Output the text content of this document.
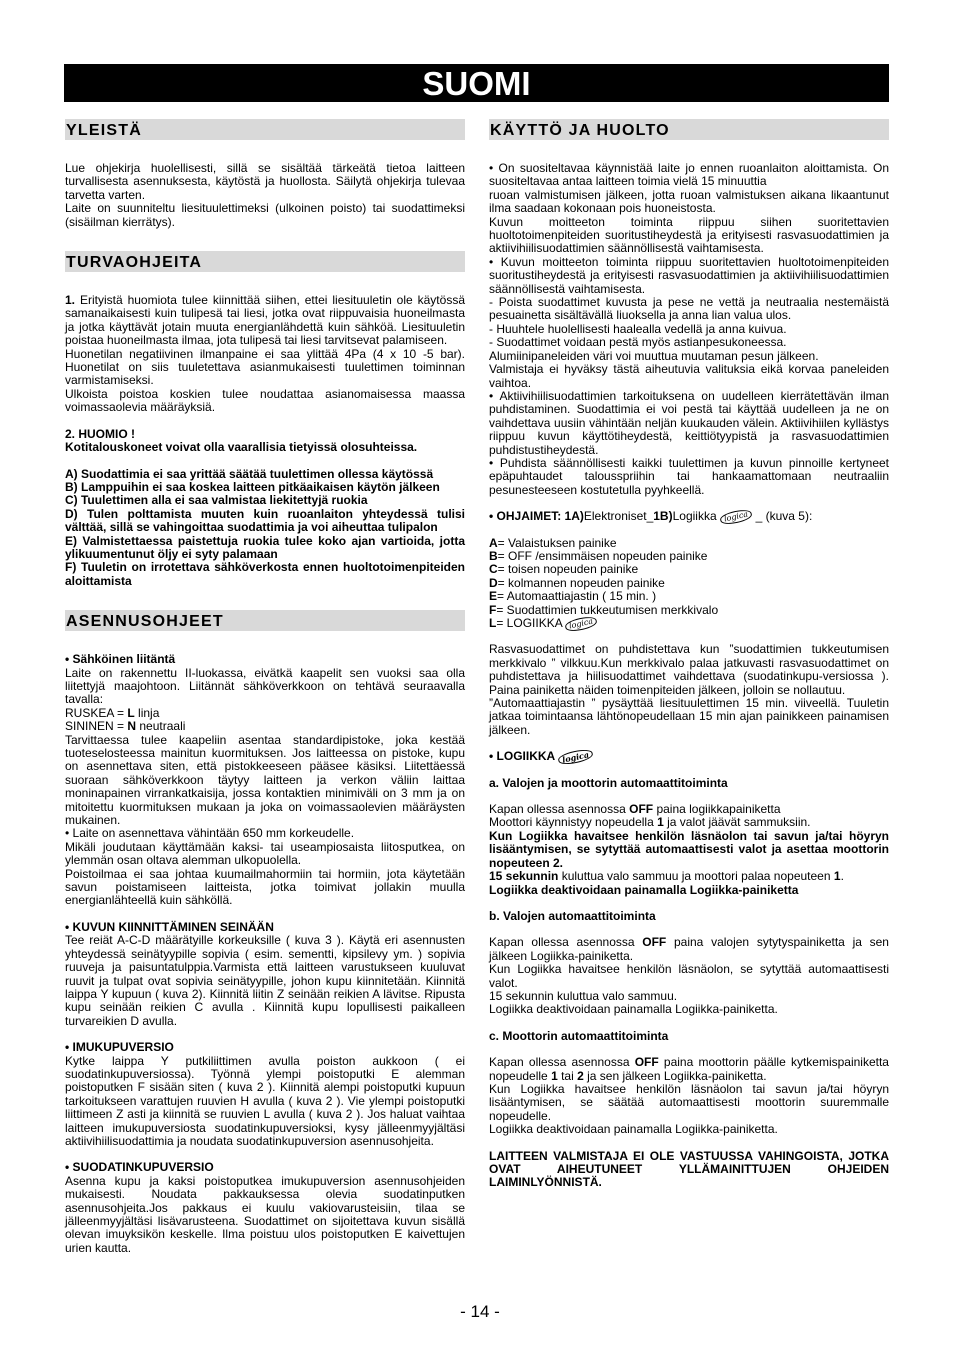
SUOMI
YLEISTÄ

Lue ohjekirja huolellisesti, sillä se sisältää tärkeätä tietoa laitteen turvallisesta asennuksesta, käytöstä ja huollosta. Säilytä ohjekirja tulevaa tarvetta varten.

Laite on suunniteltu liesituulettimeksi (ulkoinen poisto) tai suodattimeksi (sisäilman kierrätys).

TURVAOHJEITA

1. Erityistä huomiota tulee kiinnittää siihen, ettei liesituuletin ole käytössä samanaikaisesti kuin tulipesä tai liesi, jotka ovat riippuvaisia huoneilmasta ja jotka käyttävät jotain muuta energianlähdettä kuin sähköä. Liesituuletin poistaa huoneilmasta ilmaa, jota tulipesä tai liesi tarvitsevat palamiseen.

Huonetilan negatiivinen ilmanpaine ei saa ylittää 4Pa (4 x 10 -5 bar). Huonetilat on siis tuuletettava asianmukaisesti tuulettimen toiminnan varmistamiseksi.

Ulkoista poistoa koskien tulee noudattaa asianomaisessa maassa voimassaolevia määräyksiä.

2. HUOMIO !

Kotitalouskoneet voivat olla vaarallisia tietyissä olosuhteissa.

A) Suodattimia ei saa yrittää säätää tuulettimen ollessa käytössä

B) Lamppuihin ei saa koskea laitteen pitkäaikaisen käytön jälkeen

C) Tuulettimen alla ei saa valmistaa liekitettyjä ruokia

D) Tulen polttamista muuten kuin ruoanlaiton yhteydessä tulisi välttää, sillä se vahingoittaa suodattimia ja voi aiheuttaa tulipalon

E) Valmistettaessa paistettuja ruokia tulee koko ajan vartioida, jotta ylikuumentunut öljy ei syty palamaan

F) Tuuletin on irrotettava sähköverkosta ennen huoltotoimenpiteiden aloittamista

ASENNUSOHJEET

• Sähköinen liitäntä

Laite on rakennettu II-luokassa, eivätkä kaapelit sen vuoksi saa olla liitettyjä maajohtoon. Liitännät sähköverkkoon on tehtävä seuraavalla tavalla:

RUSKEA = L linja

SININEN = N neutraali

Tarvittaessa tulee kaapeliin asentaa standardipistoke, joka kestää tuoteselosteessa mainitun kuormituksen. Jos laitteessa on pistoke, kupu on asennettava siten, että pistokkeeseen pääsee käsiksi. Liitettäessä suoraan sähköverkkoon täytyy laitteen ja verkon väliin laittaa moninapainen virrankatkaisija, jossa kontaktien minimiväli on 3 mm ja on mitoitettu kuormituksen mukaan ja joka on voimassaolevien määräysten mukainen.

• Laite on asennettava vähintään 650 mm korkeudelle.

Mikäli joudutaan käyttämään kaksi- tai useampiosaista liitosputkea, on ylemmän osan oltava alemman ulkopuolella.

Poistoilmaa ei saa johtaa kuumailmahormiin tai hormiin, jota käytetään savun poistamiseen laitteista, jotka toimivat jollakin muulla energianlähteellä kuin sähköllä.

• KUVUN KIINNITTÄMINEN SEINÄÄN

Tee reiät A-C-D määrätyille korkeuksille ( kuva 3 ). Käytä eri asennusten yhteydessä seinätyypille sopivia ( esim. sementti, kipsilevy ym. ) sopivia ruuveja ja paisuntatulppia.Varmista että laitteen varustukseen kuuluvat ruuvit ja tulpat ovat sopivia seinätyypille, johon kupu kiinnitetään. Kiinnitä laippa Y kupuun ( kuva 2). Kiinnitä liitin Z seinään reikien A lävitse. Ripusta kupu seinään reikien C avulla . Kiinnitä kupu lopullisesti paikalleen turvareikien D avulla.

• IMUKUPUVERSIO

Kytke laippa Y putkiliittimen avulla poiston aukkoon ( ei suodatinkupuversiossa). Työnnä ylempi poistoputki E alemman poistoputken F sisään siten ( kuva 2 ). Kiinnitä alempi poistoputki kupuun tarkoitukseen varattujen ruuvien H avulla ( kuva 2 ). Vie ylempi poistoputki liittimeen Z asti ja kiinnitä se ruuvien L avulla ( kuva 2 ). Jos haluat vaihtaa laitteen imukupuversiosta suodatinkupuversioksi, kysy jälleenmyyjältäsi aktiivihiilisuodattimia ja noudata suodatinkupuversion asennusohjeita.

• SUODATINKUPUVERSIO

Asenna kupu ja kaksi poistoputkea imukupuversion asennusohjeiden mukaisesti. Noudata pakkauksessa olevia suodatinputken asennusohjeita.Jos pakkaus ei kuulu vakiovarusteisiin, tilaa se jälleenmyyjältäsi lisävarusteena. Suodattimet on sijoitettava kuvun sisällä olevan imuyksikön keskelle. Ilma poistuu ulos poistoputken E kaivettujen urien kautta.

KÄYTTÖ JA HUOLTO

• On suositeltavaa käynnistää laite jo ennen ruoanlaiton aloittamista. On suositeltavaa antaa laitteen toimia vielä 15 minuuttia

ruoan valmistumisen jälkeen, jotta ruoan valmistuksen aikana likaantunut ilma saadaan kokonaan pois huoneistosta.

Kuvun moitteeton toiminta riippuu siihen suoritettavien huoltotoimenpiteiden suoritustiheydestä ja erityisesti rasvasuodattimien ja aktiivihiilisuodattimien säännöllisestä vaihtamisesta.

• Kuvun moitteeton toiminta riippuu suoritettavien huoltotoimenpiteiden suoritustiheydestä ja erityisesti rasvasuodattimien ja aktiivihiilisuodattimien säännöllisestä vaihtamisesta.

- Poista suodattimet kuvusta ja pese ne vettä ja neutraalia nestemäistä pesuainetta sisältävällä liuoksella ja anna lian valua ulos.

- Huuhtele huolellisesti haalealla vedellä ja anna kuivua.

- Suodattimet voidaan pestä myös astianpesukoneessa.

Alumiinipaneleiden väri voi muuttua muutaman pesun jälkeen.

Valmistaja ei hyväksy tästä aiheutuvia valituksia eikä korvaa paneleiden vaihtoa.

• Aktiivihiilisuodattimien tarkoituksena on uudelleen kierrätettävän ilman puhdistaminen. Suodattimia ei voi pestä tai käyttää uudelleen ja ne on vaihdettava uusiin vähintään neljän kuukauden välein. Aktiivihiilen kyllästys riippuu kuvun käyttötiheydestä, keittiötyypistä ja rasvasuodattimien puhdistustiheydestä.

• Puhdista säännöllisesti kaikki tuulettimen ja kuvun pinnoille kertyneet epäpuhtaudet talousspriihin tai hankaamattomaan neutraaliin pesunesteeseen kostutetulla pyyhkeellä.

• OHJAIMET: 1A)Elektroniset_1B)Logiikka logica _ (kuva 5):

A= Valaistuksen painike

B= OFF /ensimmäisen nopeuden painike

C= toisen nopeuden painike

D= kolmannen nopeuden painike

E= Automaattiajastin ( 15 min. )

F= Suodattimien tukkeutumisen merkkivalo

L= LOGIIKKA logica

Rasvasuodattimet on puhdistettava kun ”suodattimien tukkeutumisen merkkivalo ” vilkkuu.Kun merkkivalo palaa jatkuvasti rasvasuodattimet on puhdistettava ja hiilisuodattimet vaihdettava (suodatinkupu-versiossa ). Paina painiketta näiden toimenpiteiden jälkeen, jolloin se nollautuu.

”Automaattiajastin ” pysäyttää liesituulettimen 15 min. viiveellä. Tuuletin jatkaa toimintaansa lähtönopeudellaan 15 min ajan painikkeen painamisen jälkeen.

• LOGIIKKA logica

a. Valojen ja moottorin automaattitoiminta

Kapan ollessa asennossa OFF paina logiikkapainiketta

Moottori käynnistyy nopeudella 1 ja valot jäävät sammuksiin.

Kun Logiikka havaitsee henkilön läsnäolon tai savun ja/tai höyryn lisääntymisen, se sytyttää automaattisesti valot ja asettaa moottorin nopeuteen 2.

15 sekunnin kuluttua valo sammuu ja moottori palaa nopeuteen 1.

Logiikka deaktivoidaan painamalla Logiikka-painiketta

b. Valojen automaattitoiminta

Kapan ollessa asennossa OFF paina valojen sytytyspainiketta ja sen jälkeen Logiikka-painiketta.

Kun Logiikka havaitsee henkilön läsnäolon, se sytyttää automaattisesti valot.

15 sekunnin kuluttua valo sammuu.

Logiikka deaktivoidaan painamalla Logiikka-painiketta.

c. Moottorin automaattitoiminta

Kapan ollessa asennossa OFF paina moottorin päälle kytkemispainiketta nopeudelle 1 tai 2 ja sen jälkeen Logiikka-painiketta.

Kun Logiikka havaitsee henkilön läsnäolon tai savun ja/tai höyryn lisääntymisen, se säätää automaattisesti moottorin suuremmalle nopeudelle.

Logiikka deaktivoidaan painamalla Logiikka-painiketta.

LAITTEEN VALMISTAJA EI OLE VASTUUSSA VAHINGOISTA, JOTKA OVAT AIHEUTUNEET YLLÄMAINITTUJEN OHJEIDEN LAIMINLYÖNNISTÄ.

- 14 -
